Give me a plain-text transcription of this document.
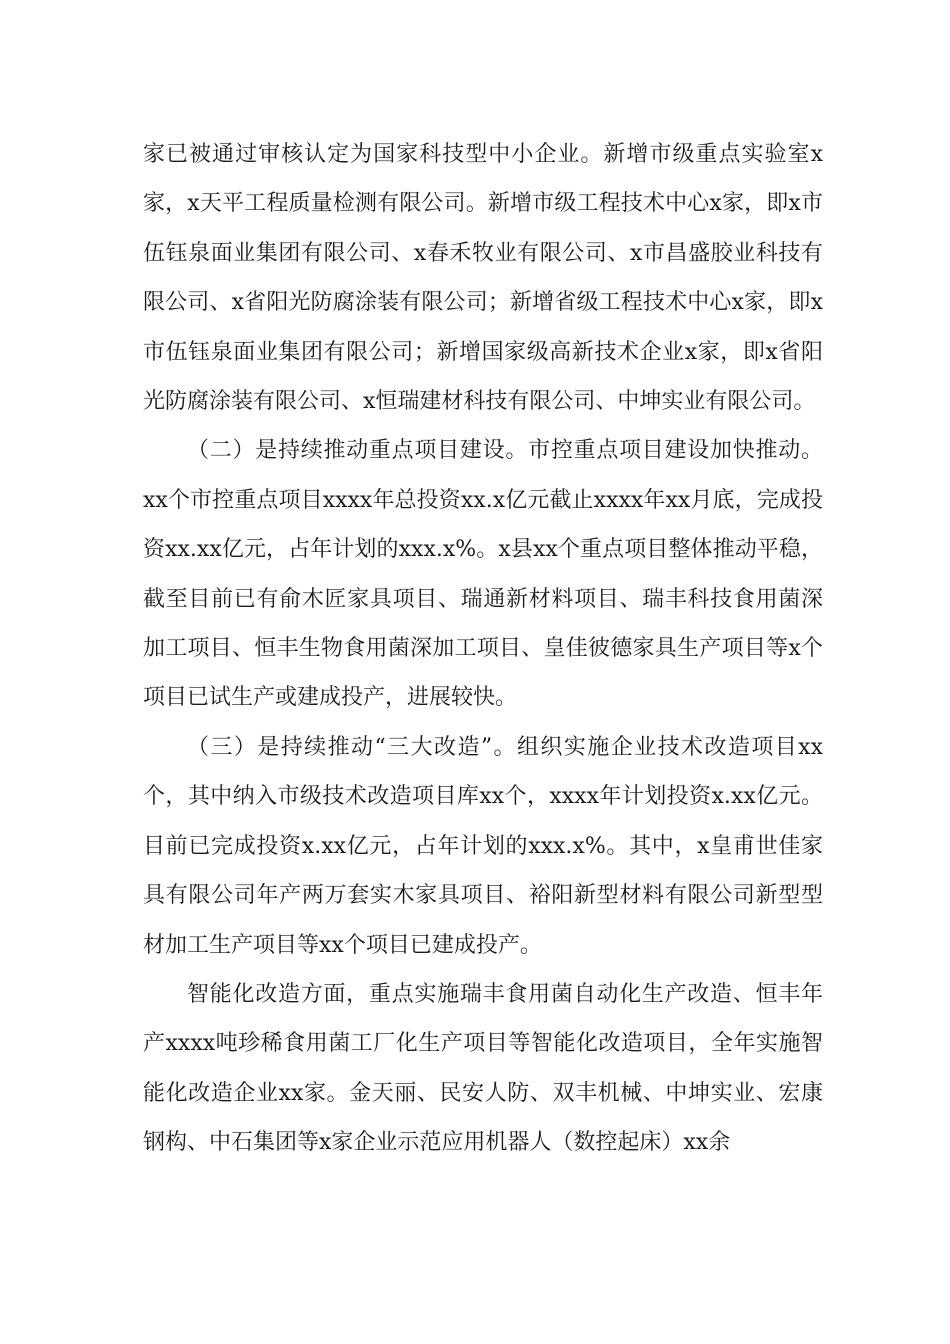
家已被通过审核认定为国家科技型中小企业。新增市级重点实验室x家，x天平工程质量检测有限公司。新增市级工程技术中心x家，即x市伍钰泉面业集团有限公司、x春禾牧业有限公司、x市昌盛胶业科技有限公司、x省阳光防腐涂装有限公司；新增省级工程技术中心x家，即x市伍钰泉面业集团有限公司；新增国家级高新技术企业x家，即x省阳光防腐涂装有限公司、x恒瑞建材科技有限公司、中坤实业有限公司。

（二）是持续推动重点项目建设。市控重点项目建设加快推动。xx个市控重点项目xxxx年总投资xx.x亿元截止xxxx年xx月底，完成投资xx.xx亿元，占年计划的xxx.x%。x县xx个重点项目整体推动平稳，截至目前已有俞木匠家具项目、瑞通新材料项目、瑞丰科技食用菌深加工项目、恒丰生物食用菌深加工项目、皇佳彼德家具生产项目等x个项目已试生产或建成投产，进展较快。

（三）是持续推动“三大改造”。组织实施企业技术改造项目xx个，其中纳入市级技术改造项目库xx个，xxxx年计划投资x.xx亿元。目前已完成投资x.xx亿元，占年计划的xxx.x%。其中，x皇甫世佳家具有限公司年产两万套实木家具项目、裕阳新型材料有限公司新型型材加工生产项目等xx个项目已建成投产。

智能化改造方面，重点实施瑞丰食用菌自动化生产改造、恒丰年产xxxx吨珍稀食用菌工厂化生产项目等智能化改造项目，全年实施智能化改造企业xx家。金天丽、民安人防、双丰机械、中坤实业、宏康钢构、中石集团等x家企业示范应用机器人（数控起床）xx余
